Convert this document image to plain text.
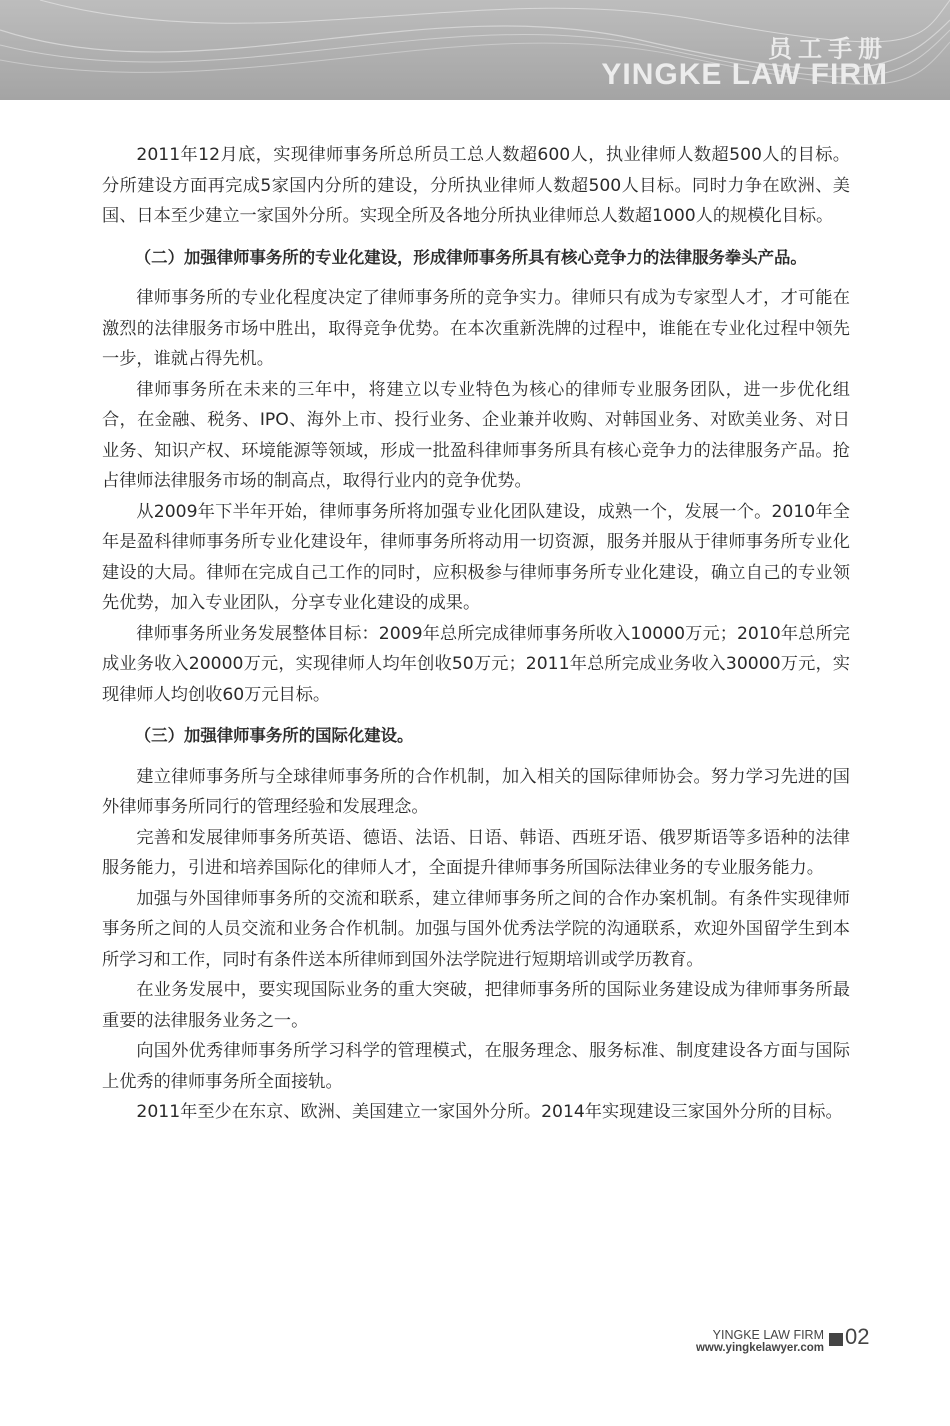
员工手册
YINGKE LAW FIRM

2011年12月底，实现律师事务所总所员工总人数超600人，执业律师人数超500人的目标。分所建设方面再完成5家国内分所的建设，分所执业律师人数超500人目标。同时力争在欧洲、美国、日本至少建立一家国外分所。实现全所及各地分所执业律师总人数超1000人的规模化目标。

（二）加强律师事务所的专业化建设，形成律师事务所具有核心竞争力的法律服务拳头产品。

律师事务所的专业化程度决定了律师事务所的竞争实力。律师只有成为专家型人才，才可能在激烈的法律服务市场中胜出，取得竞争优势。在本次重新洗牌的过程中，谁能在专业化过程中领先一步，谁就占得先机。

律师事务所在未来的三年中，将建立以专业特色为核心的律师专业服务团队，进一步优化组合，在金融、税务、IPO、海外上市、投行业务、企业兼并收购、对韩国业务、对欧美业务、对日业务、知识产权、环境能源等领域，形成一批盈科律师事务所具有核心竞争力的法律服务产品。抢占律师法律服务市场的制高点，取得行业内的竞争优势。

从2009年下半年开始，律师事务所将加强专业化团队建设，成熟一个，发展一个。2010年全年是盈科律师事务所专业化建设年，律师事务所将动用一切资源，服务并服从于律师事务所专业化建设的大局。律师在完成自己工作的同时，应积极参与律师事务所专业化建设，确立自己的专业领先优势，加入专业团队，分享专业化建设的成果。

律师事务所业务发展整体目标：2009年总所完成律师事务所收入10000万元；2010年总所完成业务收入20000万元，实现律师人均年创收50万元；2011年总所完成业务收入30000万元，实现律师人均创收60万元目标。

（三）加强律师事务所的国际化建设。

建立律师事务所与全球律师事务所的合作机制，加入相关的国际律师协会。努力学习先进的国外律师事务所同行的管理经验和发展理念。

完善和发展律师事务所英语、德语、法语、日语、韩语、西班牙语、俄罗斯语等多语种的法律服务能力，引进和培养国际化的律师人才，全面提升律师事务所国际法律业务的专业服务能力。

加强与外国律师事务所的交流和联系，建立律师事务所之间的合作办案机制。有条件实现律师事务所之间的人员交流和业务合作机制。加强与国外优秀法学院的沟通联系，欢迎外国留学生到本所学习和工作，同时有条件送本所律师到国外法学院进行短期培训或学历教育。

在业务发展中，要实现国际业务的重大突破，把律师事务所的国际业务建设成为律师事务所最重要的法律服务业务之一。

向国外优秀律师事务所学习科学的管理模式，在服务理念、服务标准、制度建设各方面与国际上优秀的律师事务所全面接轨。

2011年至少在东京、欧洲、美国建立一家国外分所。2014年实现建设三家国外分所的目标。

YINGKE LAW FIRM
www.yingkelawyer.com 02
